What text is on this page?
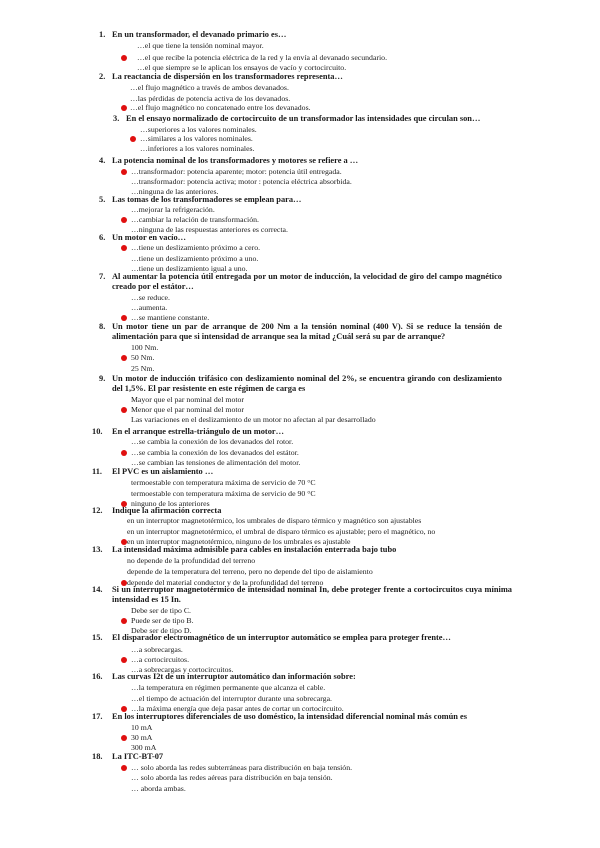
1. En un transformador, el devanado primario es…
…el que tiene la tensión nominal mayor.
…el que recibe la potencia eléctrica de la red y la envía al devanado secundario.
…el que siempre se le aplican los ensayos de vacío y cortocircuito.
2. La reactancia de dispersión en los transformadores representa…
…el flujo magnético a través de ambos devanados.
…las pérdidas de potencia activa de los devanados.
…el flujo magnético no concatenado entre los devanados.
3. En el ensayo normalizado de cortocircuito de un transformador las intensidades que circulan son…
…superiores a los valores nominales.
…similares a los valores nominales.
…inferiores a los valores nominales.
4. La potencia nominal de los transformadores y motores se refiere a …
…transformador: potencia aparente; motor: potencia útil entregada.
…transformador: potencia activa; motor : potencia eléctrica absorbida.
…ninguna de las anteriores.
5. Las tomas de los transformadores se emplean para…
…mejorar la refrigeración.
…cambiar la relación de transformación.
…ninguna de las respuestas anteriores es correcta.
6. Un motor en vacío…
…tiene un deslizamiento próximo a cero.
…tiene un deslizamiento próximo a uno.
…tiene un deslizamiento igual a uno.
7. Al aumentar la potencia útil entregada por un motor de inducción, la velocidad de giro del campo magnético creado por el estátor…
…se reduce.
…aumenta.
…se mantiene constante.
8. Un motor tiene un par de arranque de 200 Nm a la tensión nominal (400 V). Si se reduce la tensión de alimentación para que si intensidad de arranque sea la mitad ¿Cuál será su par de arranque?
100 Nm.
50 Nm.
25 Nm.
9. Un motor de inducción trifásico con deslizamiento nominal del 2%, se encuentra girando con deslizamiento del 1,5%. El par resistente en este régimen de carga es
Mayor que el par nominal del motor
Menor que el par nominal del motor
Las variaciones en el deslizamiento de un motor no afectan al par desarrollado
10. En el arranque estrella-triángulo de un motor…
…se cambia la conexión de los devanados del rotor.
…se cambia la conexión de los devanados del estátor.
…se cambian las tensiones de alimentación del motor.
11. El PVC es un aislamiento …
termoestable con temperatura máxima de servicio de 70 °C
termoestable con temperatura máxima de servicio de 90 °C
ninguno de los anteriores
12. Indique la afirmación correcta
en un interruptor magnetotérmico, los umbrales de disparo térmico y magnético son ajustables
en un interruptor magnetotérmico, el umbral de disparo térmico es ajustable; pero el magnético, no
en un interruptor magnetotérmico, ninguno de los umbrales es ajustable
13. La intensidad máxima admisible para cables en instalación enterrada bajo tubo
no depende de la profundidad del terreno
depende de la temperatura del terreno, pero no depende del tipo de aislamiento
depende del material conductor y de la profundidad del terreno
14. Si un interruptor magnetotérmico de intensidad nominal In, debe proteger frente a cortocircuitos cuya mínima intensidad es 15 In.
Debe ser de tipo C.
Puede ser de tipo B.
Debe ser de tipo D.
15. El disparador electromagnético de un interruptor automático se emplea para proteger frente…
…a sobrecargas.
…a cortocircuitos.
…a sobrecargas y cortocircuitos.
16. Las curvas I2t de un interruptor automático dan información sobre:
…la temperatura en régimen permanente que alcanza el cable.
…el tiempo de actuación del interruptor durante una sobrecarga.
…la máxima energía que deja pasar antes de cortar un cortocircuito.
17. En los interruptores diferenciales de uso doméstico, la intensidad diferencial nominal más común es
10 mA
30 mA
300 mA
18. La ITC-BT-07
… solo aborda las redes subterráneas para distribución en baja tensión.
… solo aborda las redes aéreas para distribución en baja tensión.
… aborda ambas.
